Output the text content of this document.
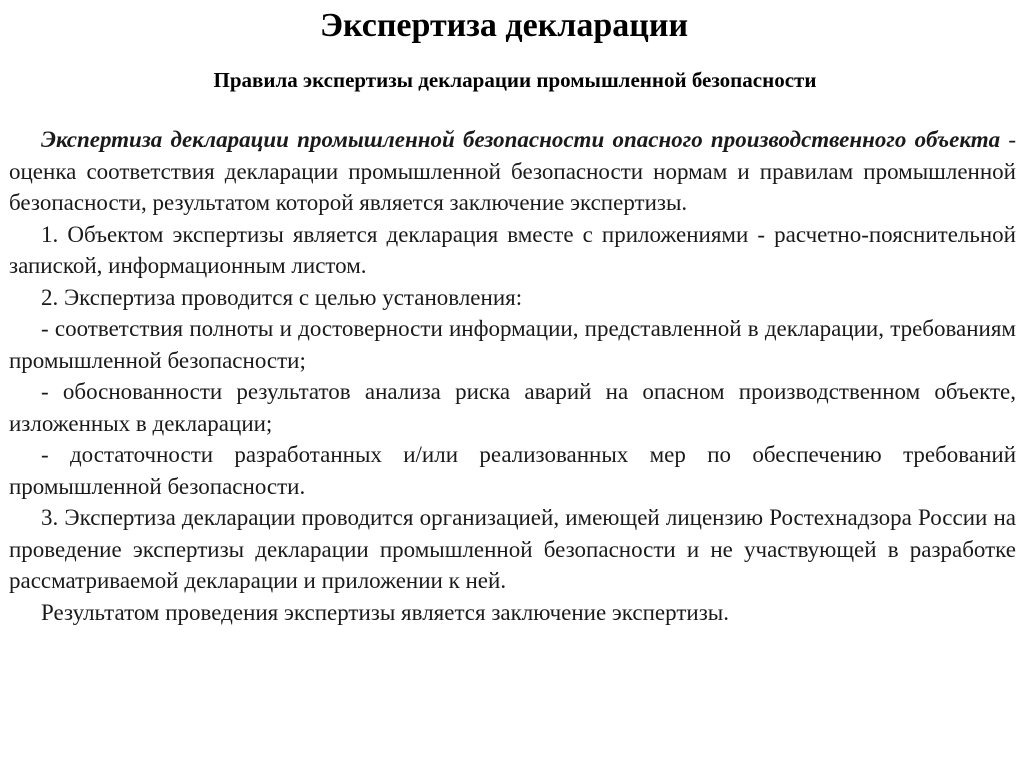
Экспертиза декларации
Правила экспертизы декларации промышленной безопасности

Экспертиза декларации промышленной безопасности опасного производственного объекта - оценка соответствия декларации промышленной безопасности нормам и правилам промышленной безопасности, результатом которой является заключение экспертизы.

1. Объектом экспертизы является декларация вместе с приложениями - расчетно-пояснительной запиской, информационным листом.

2. Экспертиза проводится с целью установления:

- соответствия полноты и достоверности информации, представленной в декларации, требованиям промышленной безопасности;

- обоснованности результатов анализа риска аварий на опасном производственном объекте, изложенных в декларации;

- достаточности разработанных и/или реализованных мер по обеспечению требований промышленной безопасности.

3. Экспертиза декларации проводится организацией, имеющей лицензию Ростехнадзора России на проведение экспертизы декларации промышленной безопасности и не участвующей в разработке рассматриваемой декларации и приложении к ней.

Результатом проведения экспертизы является заключение экспертизы.
